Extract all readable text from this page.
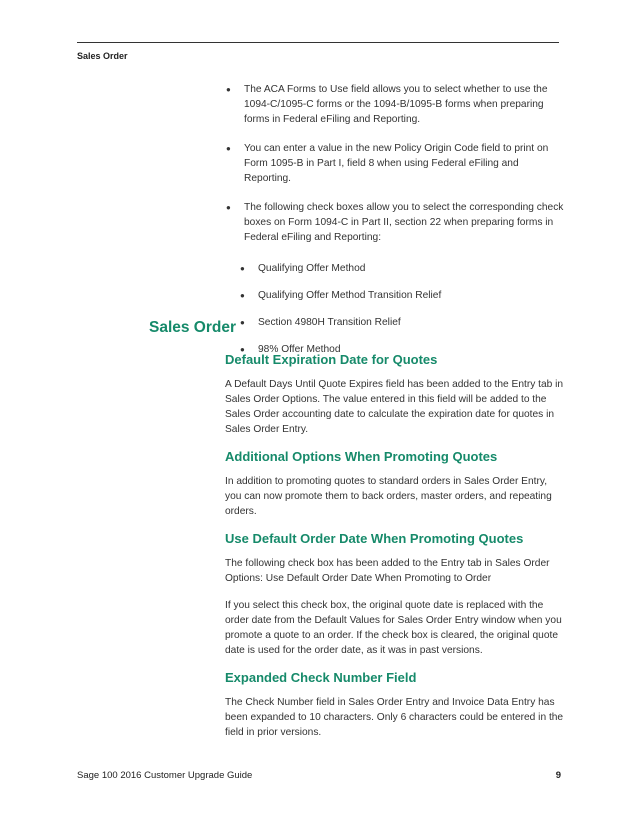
Sales Order
● The ACA Forms to Use field allows you to select whether to use the 1094-C/1095-C forms or the 1094-B/1095-B forms when preparing forms in Federal eFiling and Reporting.
● You can enter a value in the new Policy Origin Code field to print on Form 1095-B in Part I, field 8 when using Federal eFiling and Reporting.
● The following check boxes allow you to select the corresponding check boxes on Form 1094-C in Part II, section 22 when preparing forms in Federal eFiling and Reporting:
● Qualifying Offer Method
● Qualifying Offer Method Transition Relief
● Section 4980H Transition Relief
● 98% Offer Method
Sales Order
Default Expiration Date for Quotes

A Default Days Until Quote Expires field has been added to the Entry tab in Sales Order Options. The value entered in this field will be added to the Sales Order accounting date to calculate the expiration date for quotes in Sales Order Entry.

Additional Options When Promoting Quotes

In addition to promoting quotes to standard orders in Sales Order Entry, you can now promote them to back orders, master orders, and repeating orders.

Use Default Order Date When Promoting Quotes

The following check box has been added to the Entry tab in Sales Order Options: Use Default Order Date When Promoting to Order

If you select this check box, the original quote date is replaced with the order date from the Default Values for Sales Order Entry window when you promote a quote to an order. If the check box is cleared, the original quote date is used for the order date, as it was in past versions.

Expanded Check Number Field

The Check Number field in Sales Order Entry and Invoice Data Entry has been expanded to 10 characters. Only 6 characters could be entered in the field in prior versions.

Sage 100 2016 Customer Upgrade Guide	9
